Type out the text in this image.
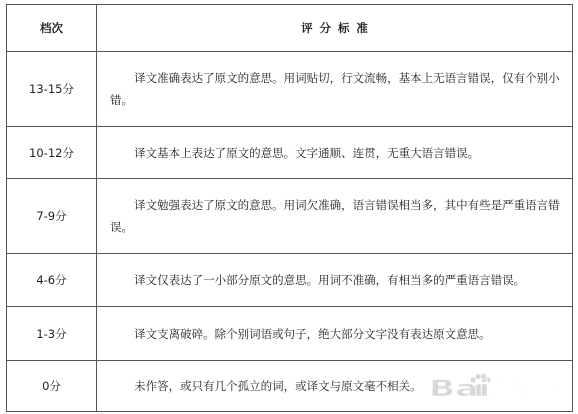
档次	评分标准
13-15分	译文准确表达了原文的意思。用词贴切，行文流畅，基本上无语言错误，仅有个别小错。

10-12分	译文基本上表达了原文的意思。文字通顺、连贯，无重大语言错误。

7-9分	译文勉强表达了原文的意思。用词欠准确，语言错误相当多，其中有些是严重语言错误。

4-6分	译文仅表达了一小部分原文的意思。用词不准确，有相当多的严重语言错误。

1-3分	译文支离破碎。除个别词语或句子，绝大部分文字没有表达原文意思。

0分	未作答，或只有几个孤立的词，或译文与原文毫不相关。 Bai经验
